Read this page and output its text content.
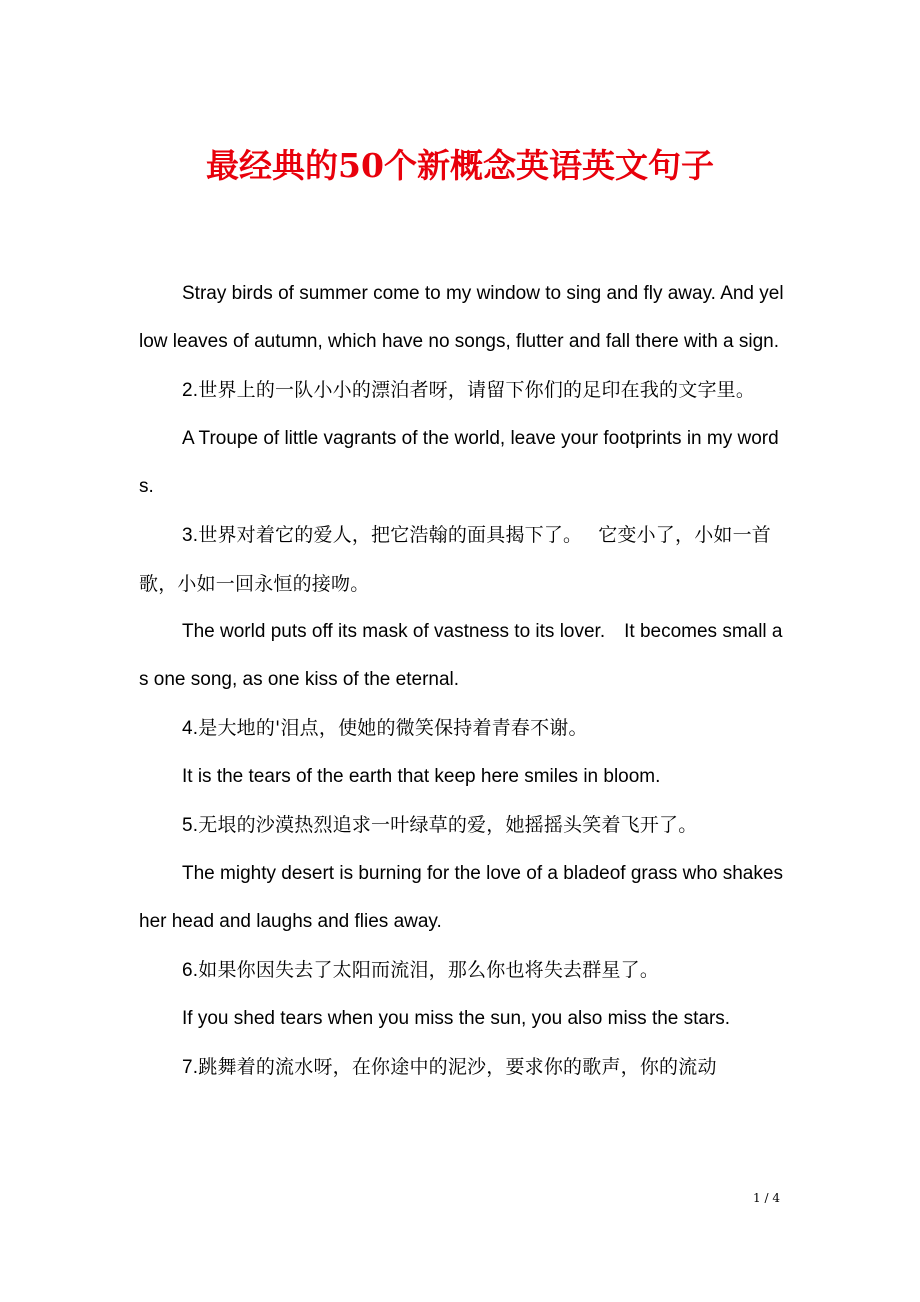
最经典的50个新概念英语英文句子

Stray birds of summer come to my window to sing and fly away. And yellow leaves of autumn, which have no songs, flutter and fall there with a sign.

2.世界上的一队小小的漂泊者呀，请留下你们的足印在我的文字里。

A Troupe of little vagrants of the world, leave your footprints in my words.

3.世界对着它的爱人，把它浩翰的面具揭下了。　 它变小了，小如一首歌，小如一回永恒的接吻。

The world puts off its mask of vastness to its lover.　It becomes small as one song, as one kiss of the eternal.

4.是大地的'泪点，使她的微笑保持着青春不谢。

It is the tears of the earth that keep here smiles in bloom.

5.无垠的沙漠热烈追求一叶绿草的爱，她摇摇头笑着飞开了。

The mighty desert is burning for the love of a bladeof grass who shakes her head and laughs and flies away.

6.如果你因失去了太阳而流泪，那么你也将失去群星了。

If you shed tears when you miss the sun, you also miss the stars.

7.跳舞着的流水呀，在你途中的泥沙，要求你的歌声，你的流动

1 / 4
